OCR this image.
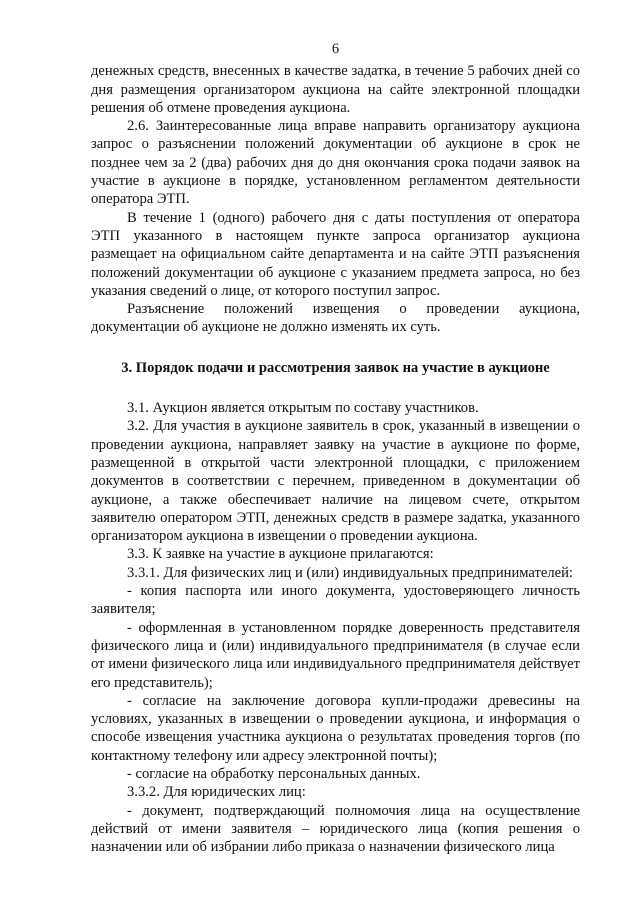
6

денежных средств, внесенных в качестве задатка, в течение 5 рабочих дней со дня размещения организатором аукциона на сайте электронной площадки решения об отмене проведения аукциона.

2.6. Заинтересованные лица вправе направить организатору аукциона запрос о разъяснении положений документации об аукционе в срок не позднее чем за 2 (два) рабочих дня до дня окончания срока подачи заявок на участие в аукционе в порядке, установленном регламентом деятельности оператора ЭТП.

В течение 1 (одного) рабочего дня с даты поступления от оператора ЭТП указанного в настоящем пункте запроса организатор аукциона размещает на официальном сайте департамента и на сайте ЭТП разъяснения положений документации об аукционе с указанием предмета запроса, но без указания сведений о лице, от которого поступил запрос.

Разъяснение положений извещения о проведении аукциона, документации об аукционе не должно изменять их суть.

3. Порядок подачи и рассмотрения заявок на участие в аукционе

3.1. Аукцион является открытым по составу участников.

3.2. Для участия в аукционе заявитель в срок, указанный в извещении о проведении аукциона, направляет заявку на участие в аукционе по форме, размещенной в открытой части электронной площадки, с приложением документов в соответствии с перечнем, приведенном в документации об аукционе, а также обеспечивает наличие на лицевом счете, открытом заявителю оператором ЭТП, денежных средств в размере задатка, указанного организатором аукциона в извещении о проведении аукциона.

3.3. К заявке на участие в аукционе прилагаются:

3.3.1. Для физических лиц и (или) индивидуальных предпринимателей:

- копия паспорта или иного документа, удостоверяющего личность заявителя;

- оформленная в установленном порядке доверенность представителя физического лица и (или) индивидуального предпринимателя (в случае если от имени физического лица или индивидуального предпринимателя действует его представитель);

- согласие на заключение договора купли-продажи древесины на условиях, указанных в извещении о проведении аукциона, и информация о способе извещения участника аукциона о результатах проведения торгов (по контактному телефону или адресу электронной почты);

- согласие на обработку персональных данных.

3.3.2. Для юридических лиц:

- документ, подтверждающий полномочия лица на осуществление действий от имени заявителя – юридического лица (копия решения о назначении или об избрании либо приказа о назначении физического лица
